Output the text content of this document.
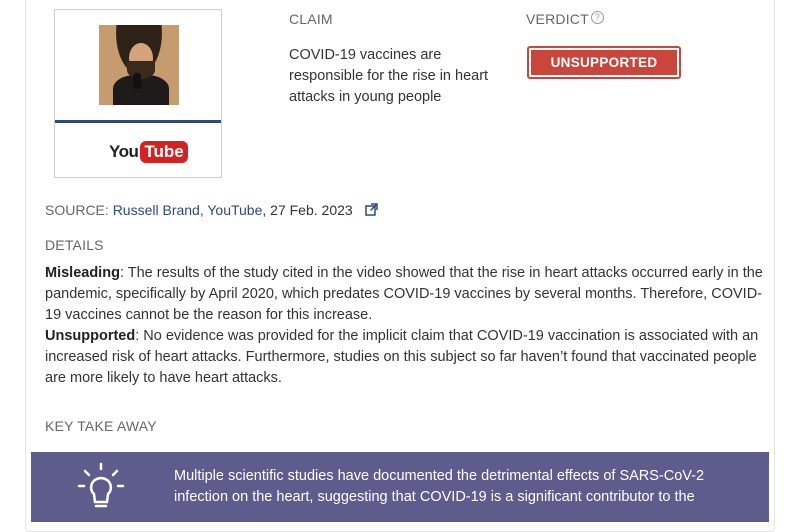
You Tube
CLAIM
COVID-19 vaccines are responsible for the rise in heart attacks in young people
VERDICT ?
UNSUPPORTED
SOURCE: Russell Brand, YouTube, 27 Feb. 2023
DETAILS

Misleading: The results of the study cited in the video showed that the rise in heart attacks occurred early in the pandemic, specifically by April 2020, which predates COVID-19 vaccines by several months. Therefore, COVID-19 vaccines cannot be the reason for this increase.

Unsupported: No evidence was provided for the implicit claim that COVID-19 vaccination is associated with an increased risk of heart attacks. Furthermore, studies on this subject so far haven’t found that vaccinated people are more likely to have heart attacks.

KEY TAKE AWAY
Multiple scientific studies have documented the detrimental effects of SARS-CoV-2 infection on the heart, suggesting that COVID-19 is a significant contributor to the
